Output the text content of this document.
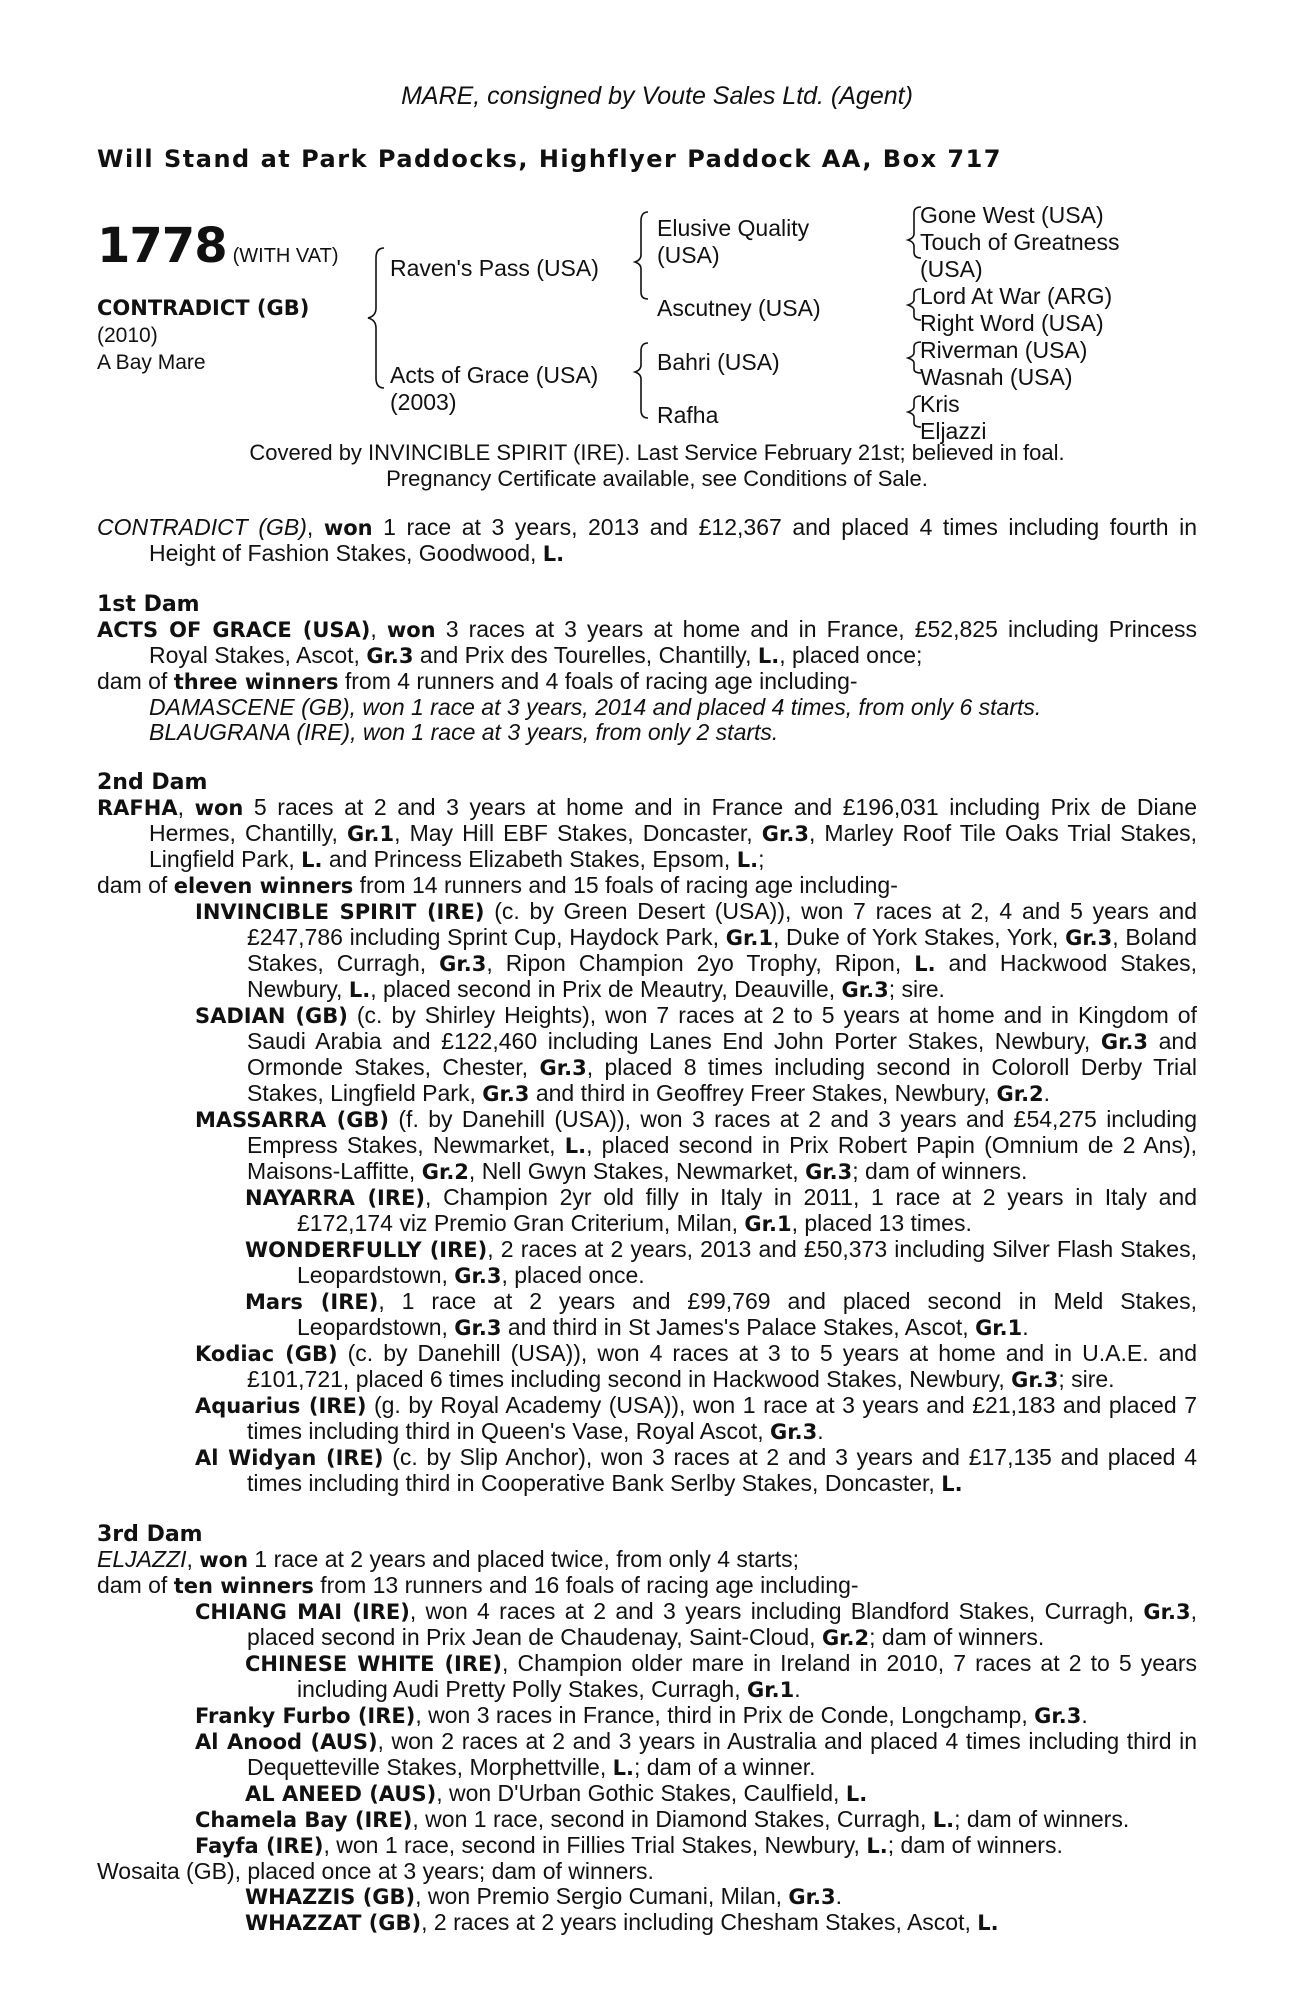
MARE, consigned by Voute Sales Ltd. (Agent)
Will Stand at Park Paddocks, Highflyer Paddock AA, Box 717
1778 (WITH VAT)
CONTRADICT (GB)
(2010)
A Bay Mare
Raven's Pass (USA)
Acts of Grace (USA)
(2003)
Elusive Quality
(USA)
Ascutney (USA)
Bahri (USA)
Rafha
Gone West (USA)
Touch of Greatness
(USA)
Lord At War (ARG)
Right Word (USA)
Riverman (USA)
Wasnah (USA)
Kris
Eljazzi
Covered by INVINCIBLE SPIRIT (IRE). Last Service February 21st; believed in foal.
Pregnancy Certificate available, see Conditions of Sale.

CONTRADICT (GB), won 1 race at 3 years, 2013 and £12,367 and placed 4 times including fourth in Height of Fashion Stakes, Goodwood, L.

1st Dam

ACTS OF GRACE (USA), won 3 races at 3 years at home and in France, £52,825 including Princess Royal Stakes, Ascot, Gr.3 and Prix des Tourelles, Chantilly, L., placed once;

dam of three winners from 4 runners and 4 foals of racing age including-

DAMASCENE (GB), won 1 race at 3 years, 2014 and placed 4 times, from only 6 starts.

BLAUGRANA (IRE), won 1 race at 3 years, from only 2 starts.

2nd Dam

RAFHA, won 5 races at 2 and 3 years at home and in France and £196,031 including Prix de Diane Hermes, Chantilly, Gr.1, May Hill EBF Stakes, Doncaster, Gr.3, Marley Roof Tile Oaks Trial Stakes, Lingfield Park, L. and Princess Elizabeth Stakes, Epsom, L.;

dam of eleven winners from 14 runners and 15 foals of racing age including-

INVINCIBLE SPIRIT (IRE) (c. by Green Desert (USA)), won 7 races at 2, 4 and 5 years and £247,786 including Sprint Cup, Haydock Park, Gr.1, Duke of York Stakes, York, Gr.3, Boland Stakes, Curragh, Gr.3, Ripon Champion 2yo Trophy, Ripon, L. and Hackwood Stakes, Newbury, L., placed second in Prix de Meautry, Deauville, Gr.3; sire.

SADIAN (GB) (c. by Shirley Heights), won 7 races at 2 to 5 years at home and in Kingdom of Saudi Arabia and £122,460 including Lanes End John Porter Stakes, Newbury, Gr.3 and Ormonde Stakes, Chester, Gr.3, placed 8 times including second in Coloroll Derby Trial Stakes, Lingfield Park, Gr.3 and third in Geoffrey Freer Stakes, Newbury, Gr.2.

MASSARRA (GB) (f. by Danehill (USA)), won 3 races at 2 and 3 years and £54,275 including Empress Stakes, Newmarket, L., placed second in Prix Robert Papin (Omnium de 2 Ans), Maisons-Laffitte, Gr.2, Nell Gwyn Stakes, Newmarket, Gr.3; dam of winners.

NAYARRA (IRE), Champion 2yr old filly in Italy in 2011, 1 race at 2 years in Italy and £172,174 viz Premio Gran Criterium, Milan, Gr.1, placed 13 times.

WONDERFULLY (IRE), 2 races at 2 years, 2013 and £50,373 including Silver Flash Stakes, Leopardstown, Gr.3, placed once.

Mars (IRE), 1 race at 2 years and £99,769 and placed second in Meld Stakes, Leopardstown, Gr.3 and third in St James's Palace Stakes, Ascot, Gr.1.

Kodiac (GB) (c. by Danehill (USA)), won 4 races at 3 to 5 years at home and in U.A.E. and £101,721, placed 6 times including second in Hackwood Stakes, Newbury, Gr.3; sire.

Aquarius (IRE) (g. by Royal Academy (USA)), won 1 race at 3 years and £21,183 and placed 7 times including third in Queen's Vase, Royal Ascot, Gr.3.

Al Widyan (IRE) (c. by Slip Anchor), won 3 races at 2 and 3 years and £17,135 and placed 4 times including third in Cooperative Bank Serlby Stakes, Doncaster, L.

3rd Dam

ELJAZZI, won 1 race at 2 years and placed twice, from only 4 starts;

dam of ten winners from 13 runners and 16 foals of racing age including-

CHIANG MAI (IRE), won 4 races at 2 and 3 years including Blandford Stakes, Curragh, Gr.3, placed second in Prix Jean de Chaudenay, Saint-Cloud, Gr.2; dam of winners.

CHINESE WHITE (IRE), Champion older mare in Ireland in 2010, 7 races at 2 to 5 years including Audi Pretty Polly Stakes, Curragh, Gr.1.

Franky Furbo (IRE), won 3 races in France, third in Prix de Conde, Longchamp, Gr.3.

Al Anood (AUS), won 2 races at 2 and 3 years in Australia and placed 4 times including third in Dequetteville Stakes, Morphettville, L.; dam of a winner.

AL ANEED (AUS), won D'Urban Gothic Stakes, Caulfield, L.

Chamela Bay (IRE), won 1 race, second in Diamond Stakes, Curragh, L.; dam of winners.

Fayfa (IRE), won 1 race, second in Fillies Trial Stakes, Newbury, L.; dam of winners.

Wosaita (GB), placed once at 3 years; dam of winners.

WHAZZIS (GB), won Premio Sergio Cumani, Milan, Gr.3.

WHAZZAT (GB), 2 races at 2 years including Chesham Stakes, Ascot, L.
